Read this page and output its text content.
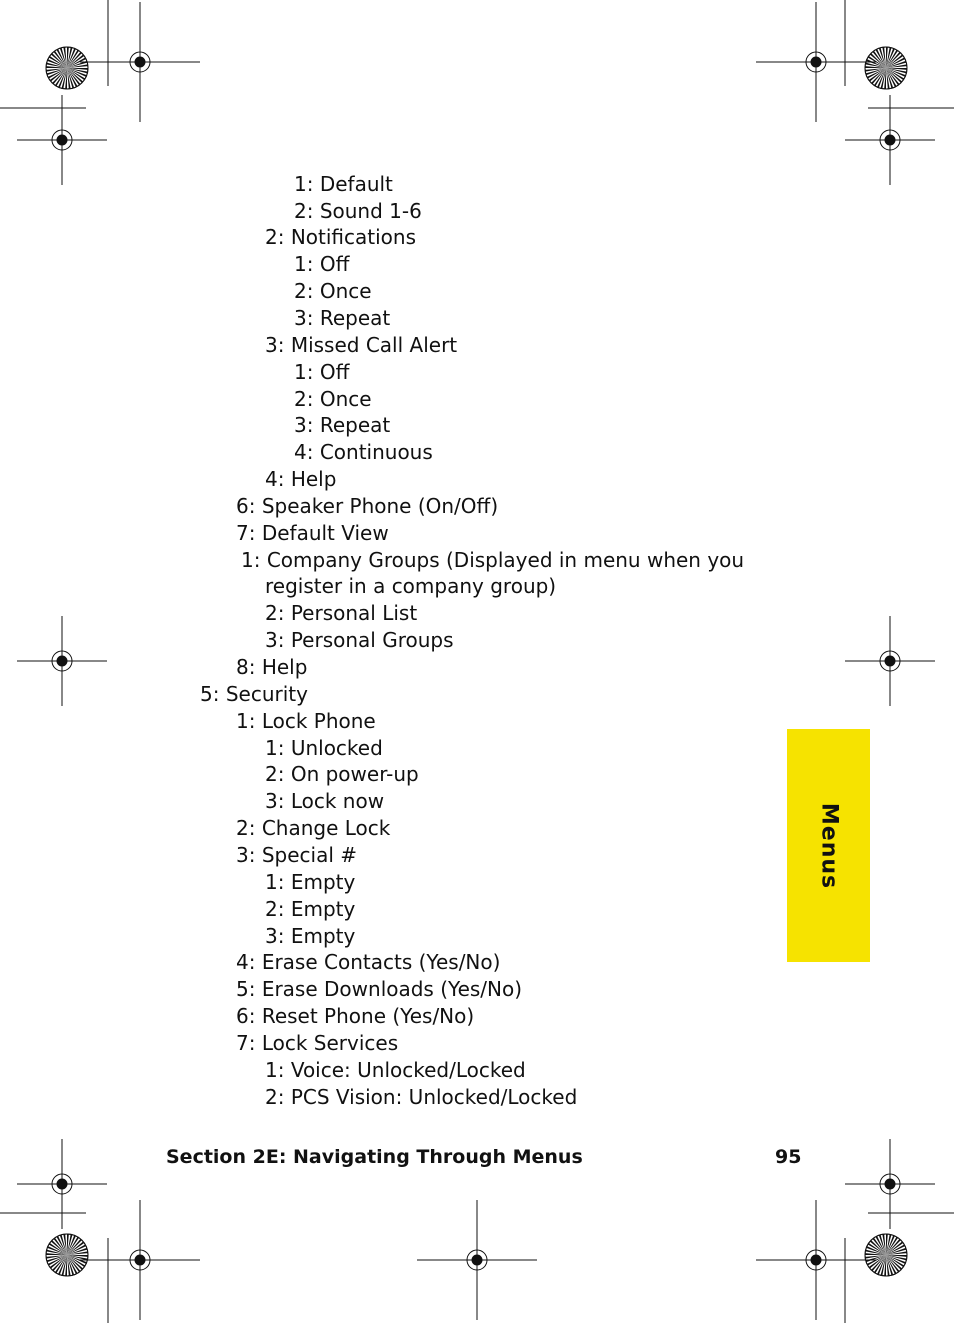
1: Default
2: Sound 1-6
2: Notifications
1: Off
2: Once
3: Repeat
3: Missed Call Alert
1: Off
2: Once
3: Repeat
4: Continuous
4: Help
6: Speaker Phone (On/Off)
7: Default View
1: Company Groups (Displayed in menu when you register in a company group)
2: Personal List
3: Personal Groups
8: Help
5: Security
1: Lock Phone
1: Unlocked
2: On power-up
3: Lock now
2: Change Lock
3: Special #
1: Empty
2: Empty
3: Empty
4: Erase Contacts (Yes/No)
5: Erase Downloads (Yes/No)
6: Reset Phone (Yes/No)
7: Lock Services
1: Voice: Unlocked/Locked
2: PCS Vision: Unlocked/Locked
Menus
Section 2E: Navigating Through Menus	95
